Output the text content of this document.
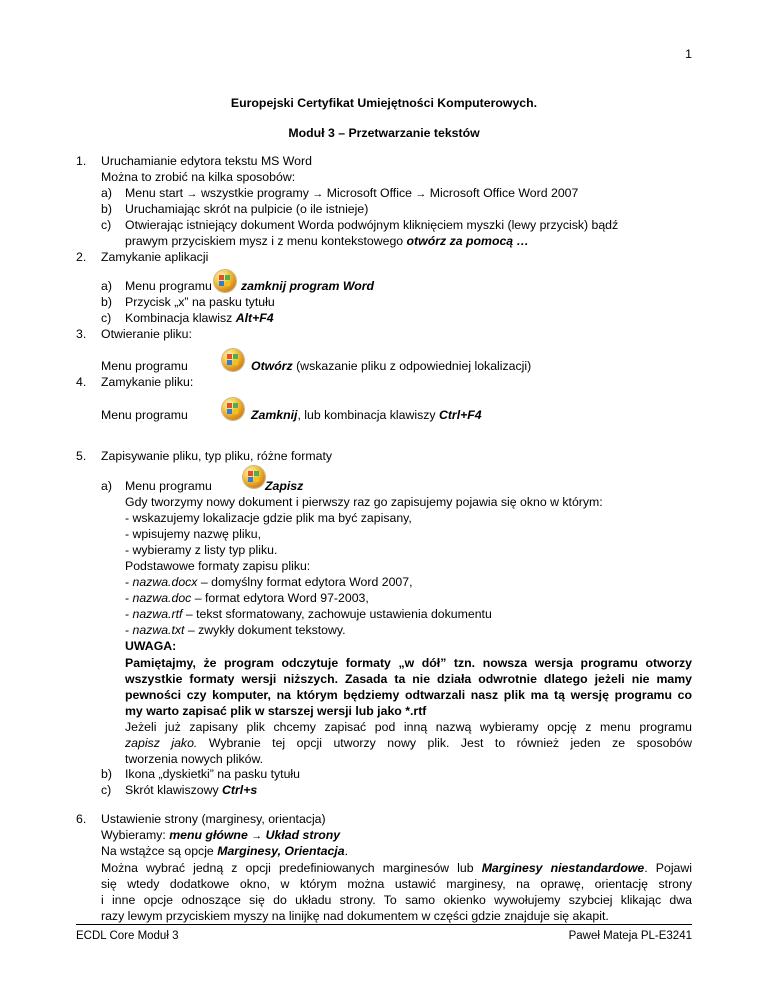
1
Europejski Certyfikat Umiejętności Komputerowych.
Moduł 3 – Przetwarzanie tekstów
1. Uruchamianie edytora tekstu MS Word
Można to zrobić na kilka sposobów:
a) Menu start → wszystkie programy → Microsoft Office → Microsoft Office Word 2007
b) Uruchamiając skrót na pulpicie (o ile istnieje)
c) Otwierając istniejący dokument Worda podwójnym kliknięciem myszki (lewy przycisk) bądź
prawym przyciskiem mysz i z menu kontekstowego otwórz za pomocą …
2. Zamykanie aplikacji
a) Menu programu zamknij program Word
b) Przycisk „x” na pasku tytułu
c) Kombinacja klawisz Alt+F4
3. Otwieranie pliku:
Menu programu	Otwórz (wskazanie pliku z odpowiedniej lokalizacji)
4. Zamykanie pliku:
Menu programu	Zamknij, lub kombinacja klawiszy Ctrl+F4
5. Zapisywanie pliku, typ pliku, różne formaty
a) Menu programu	Zapisz
Gdy tworzymy nowy dokument i pierwszy raz go zapisujemy pojawia się okno w którym:
- wskazujemy lokalizacje gdzie plik ma być zapisany,
- wpisujemy nazwę pliku,
- wybieramy z listy typ pliku.
Podstawowe formaty zapisu pliku:
- nazwa.docx – domyślny format edytora Word 2007,
- nazwa.doc – format edytora Word 97-2003,
- nazwa.rtf – tekst sformatowany, zachowuje ustawienia dokumentu
- nazwa.txt – zwykły dokument tekstowy.
UWAGA:
Pamiętajmy, że program odczytuje formaty „w dół” tzn. nowsza wersja programu otworzy
wszystkie formaty wersji niższych. Zasada ta nie działa odwrotnie dlatego jeżeli nie mamy
pewności czy komputer, na którym będziemy odtwarzali nasz plik ma tą wersję programu co
my warto zapisać plik w starszej wersji lub jako *.rtf
Jeżeli już zapisany plik chcemy zapisać pod inną nazwą wybieramy opcję z menu programu
zapisz jako. Wybranie tej opcji utworzy nowy plik. Jest to również jeden ze sposobów
tworzenia nowych plików.
b) Ikona „dyskietki” na pasku tytułu
c) Skrót klawiszowy Ctrl+s
6. Ustawienie strony (marginesy, orientacja)
Wybieramy: menu główne → Układ strony
Na wstążce są opcje Marginesy, Orientacja.
Można wybrać jedną z opcji predefiniowanych marginesów lub Marginesy niestandardowe. Pojawi
się wtedy dodatkowe okno, w którym można ustawić marginesy, na oprawę, orientację strony
i inne opcje odnoszące się do układu strony. To samo okienko wywołujemy szybciej klikając dwa
razy lewym przyciskiem myszy na linijkę nad dokumentem w części gdzie znajduje się akapit.
ECDL Core Moduł 3	Paweł Mateja PL-E3241
